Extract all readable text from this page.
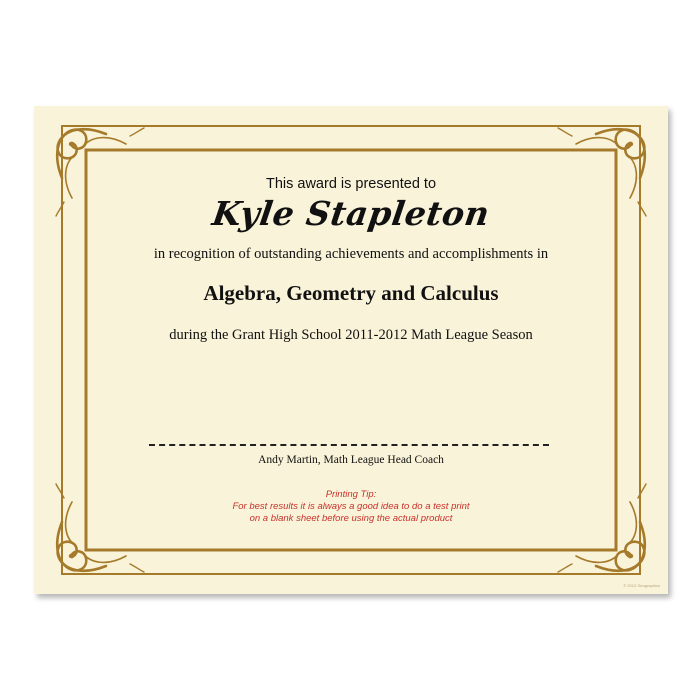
This award is presented to
Kyle Stapleton
in recognition of outstanding achievements and accomplishments in
Algebra, Geometry and Calculus
during the Grant High School 2011-2012 Math League Season
Andy Martin, Math League Head Coach
Printing Tip:
For best results it is always a good idea to do a test print
on a blank sheet before using the actual product
© 2012 Geographics
